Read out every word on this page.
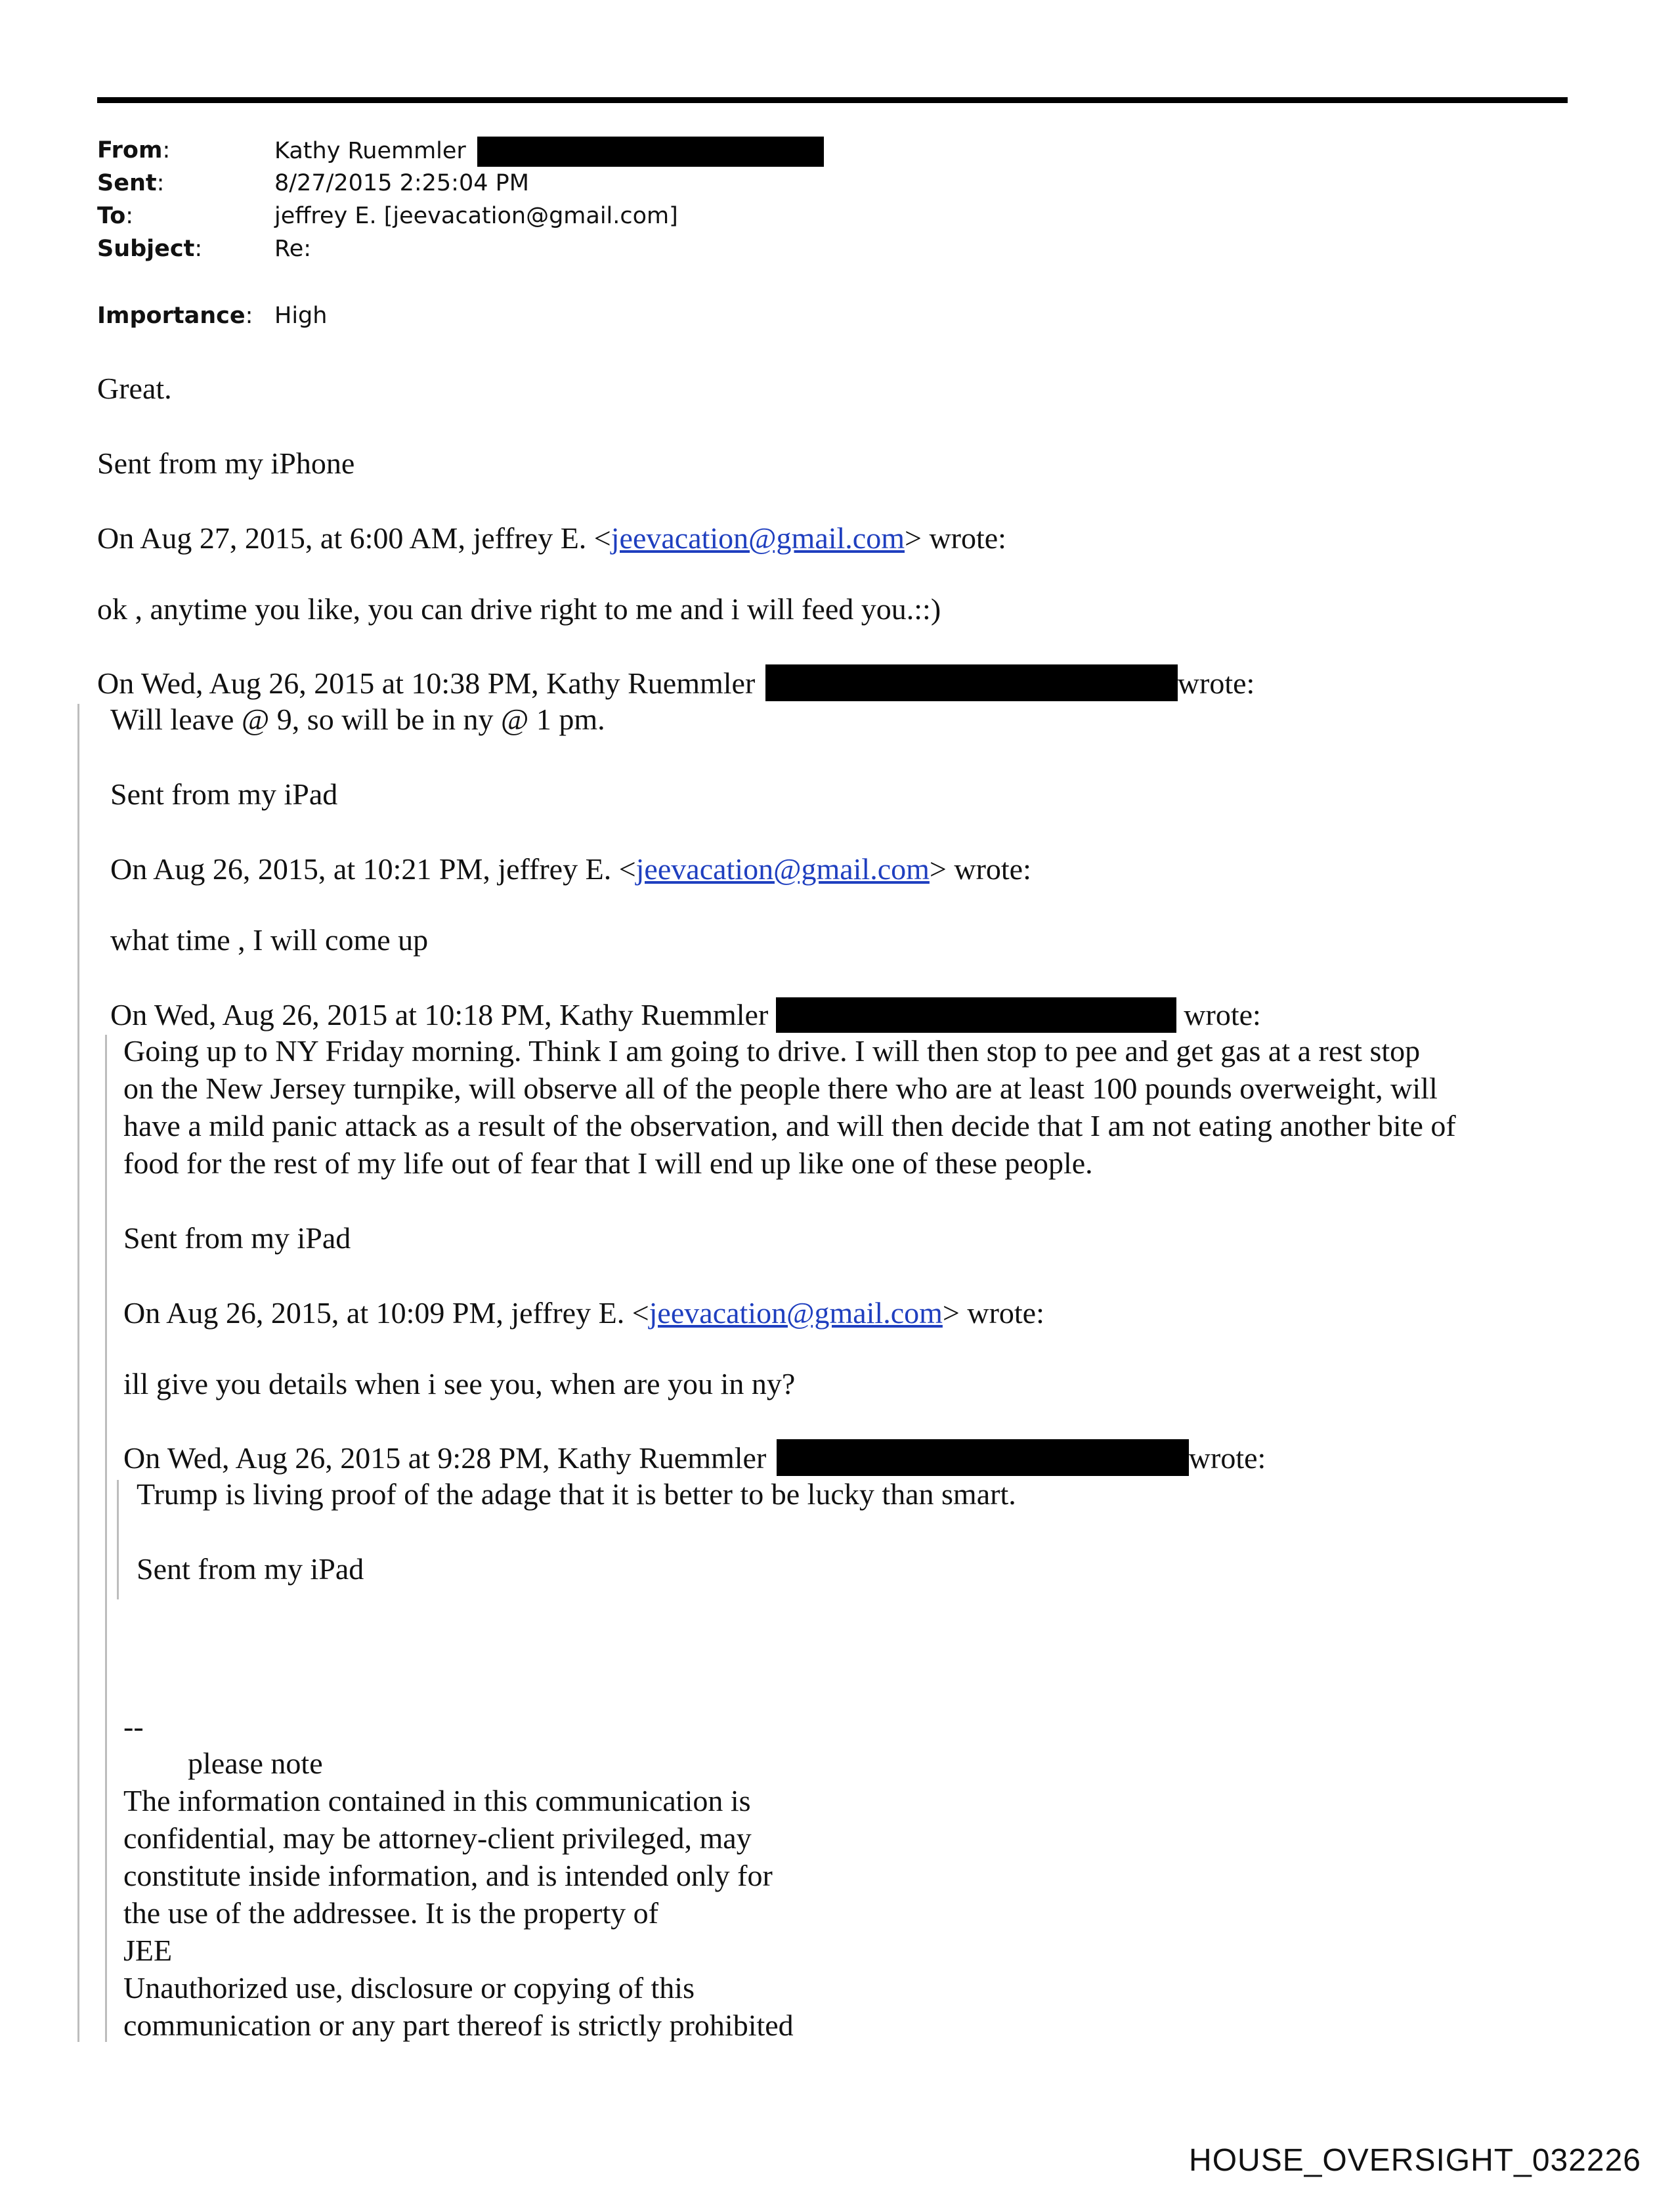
From:	Kathy Ruemmler
Sent:	8/27/2015 2:25:04 PM
To:	jeffrey E. [jeevacation@gmail.com]
Subject:	Re:
Importance: High
Great.
Sent from my iPhone
On Aug 27, 2015, at 6:00 AM, jeffrey E. <jeevacation@gmail.com> wrote:
ok , anytime you like, you can drive right to me and i will feed you.::)
On Wed, Aug 26, 2015 at 10:38 PM, Kathy Ruemmler	wrote:
Will leave @ 9, so will be in ny @ 1 pm.
Sent from my iPad
On Aug 26, 2015, at 10:21 PM, jeffrey E. <jeevacation@gmail.com> wrote:
what time , I will come up
On Wed, Aug 26, 2015 at 10:18 PM, Kathy Ruemmler	wrote:
Going up to NY Friday morning. Think I am going to drive. I will then stop to pee and get gas at a rest stop
on the New Jersey turnpike, will observe all of the people there who are at least 100 pounds overweight, will
have a mild panic attack as a result of the observation, and will then decide that I am not eating another bite of
food for the rest of my life out of fear that I will end up like one of these people.
Sent from my iPad
On Aug 26, 2015, at 10:09 PM, jeffrey E. <jeevacation@gmail.com> wrote:
ill give you details when i see you, when are you in ny?
On Wed, Aug 26, 2015 at 9:28 PM, Kathy Ruemmler	wrote:
Trump is living proof of the adage that it is better to be lucky than smart.
Sent from my iPad
--
please note
The information contained in this communication is
confidential, may be attorney-client privileged, may
constitute inside information, and is intended only for
the use of the addressee. It is the property of
JEE
Unauthorized use, disclosure or copying of this
communication or any part thereof is strictly prohibited
HOUSE_OVERSIGHT_032226
